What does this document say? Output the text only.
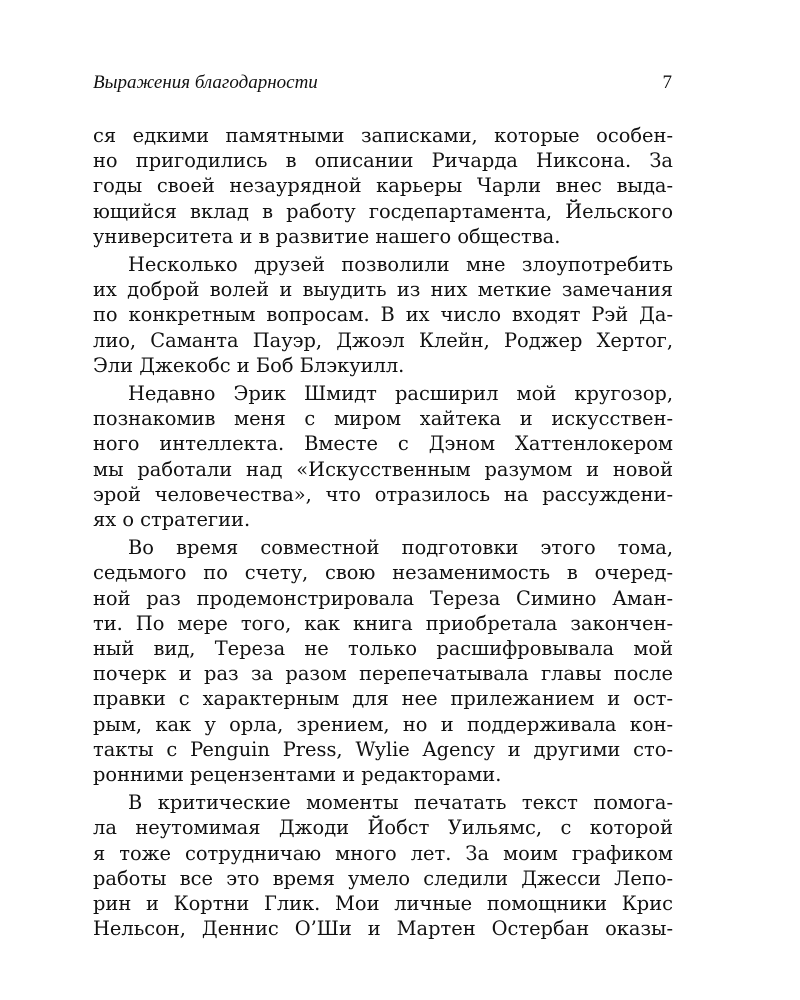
Выражения благодарности	7
ся едкими памятными записками, которые особен-
но пригодились в описании Ричарда Никсона. За
годы своей незаурядной карьеры Чарли внес выда-
ющийся вклад в работу госдепартамента, Йельского
университета и в развитие нашего общества.
Несколько друзей позволили мне злоупотребить
их доброй волей и выудить из них меткие замечания
по конкретным вопросам. В их число входят Рэй Да-
лио, Саманта Пауэр, Джоэл Клейн, Роджер Хертог,
Эли Джекобс и Боб Блэкуилл.
Недавно Эрик Шмидт расширил мой кругозор,
познакомив меня с миром хайтека и искусствен-
ного интеллекта. Вместе с Дэном Хаттенлокером
мы работали над «Искусственным разумом и новой
эрой человечества», что отразилось на рассуждени-
ях о стратегии.
Во время совместной подготовки этого тома,
седьмого по счету, свою незаменимость в очеред-
ной раз продемонстрировала Тереза Симино Аман-
ти. По мере того, как книга приобретала закончен-
ный вид, Тереза не только расшифровывала мой
почерк и раз за разом перепечатывала главы после
правки с характерным для нее прилежанием и ост-
рым, как у орла, зрением, но и поддерживала кон-
такты с Penguin Press, Wylie Agency и другими сто-
ронними рецензентами и редакторами.
В критические моменты печатать текст помога-
ла неутомимая Джоди Йобст Уильямс, с которой
я тоже сотрудничаю много лет. За моим графиком
работы все это время умело следили Джесси Лепо-
рин и Кортни Глик. Мои личные помощники Крис
Нельсон, Деннис О’Ши и Мартен Остербан оказы-
